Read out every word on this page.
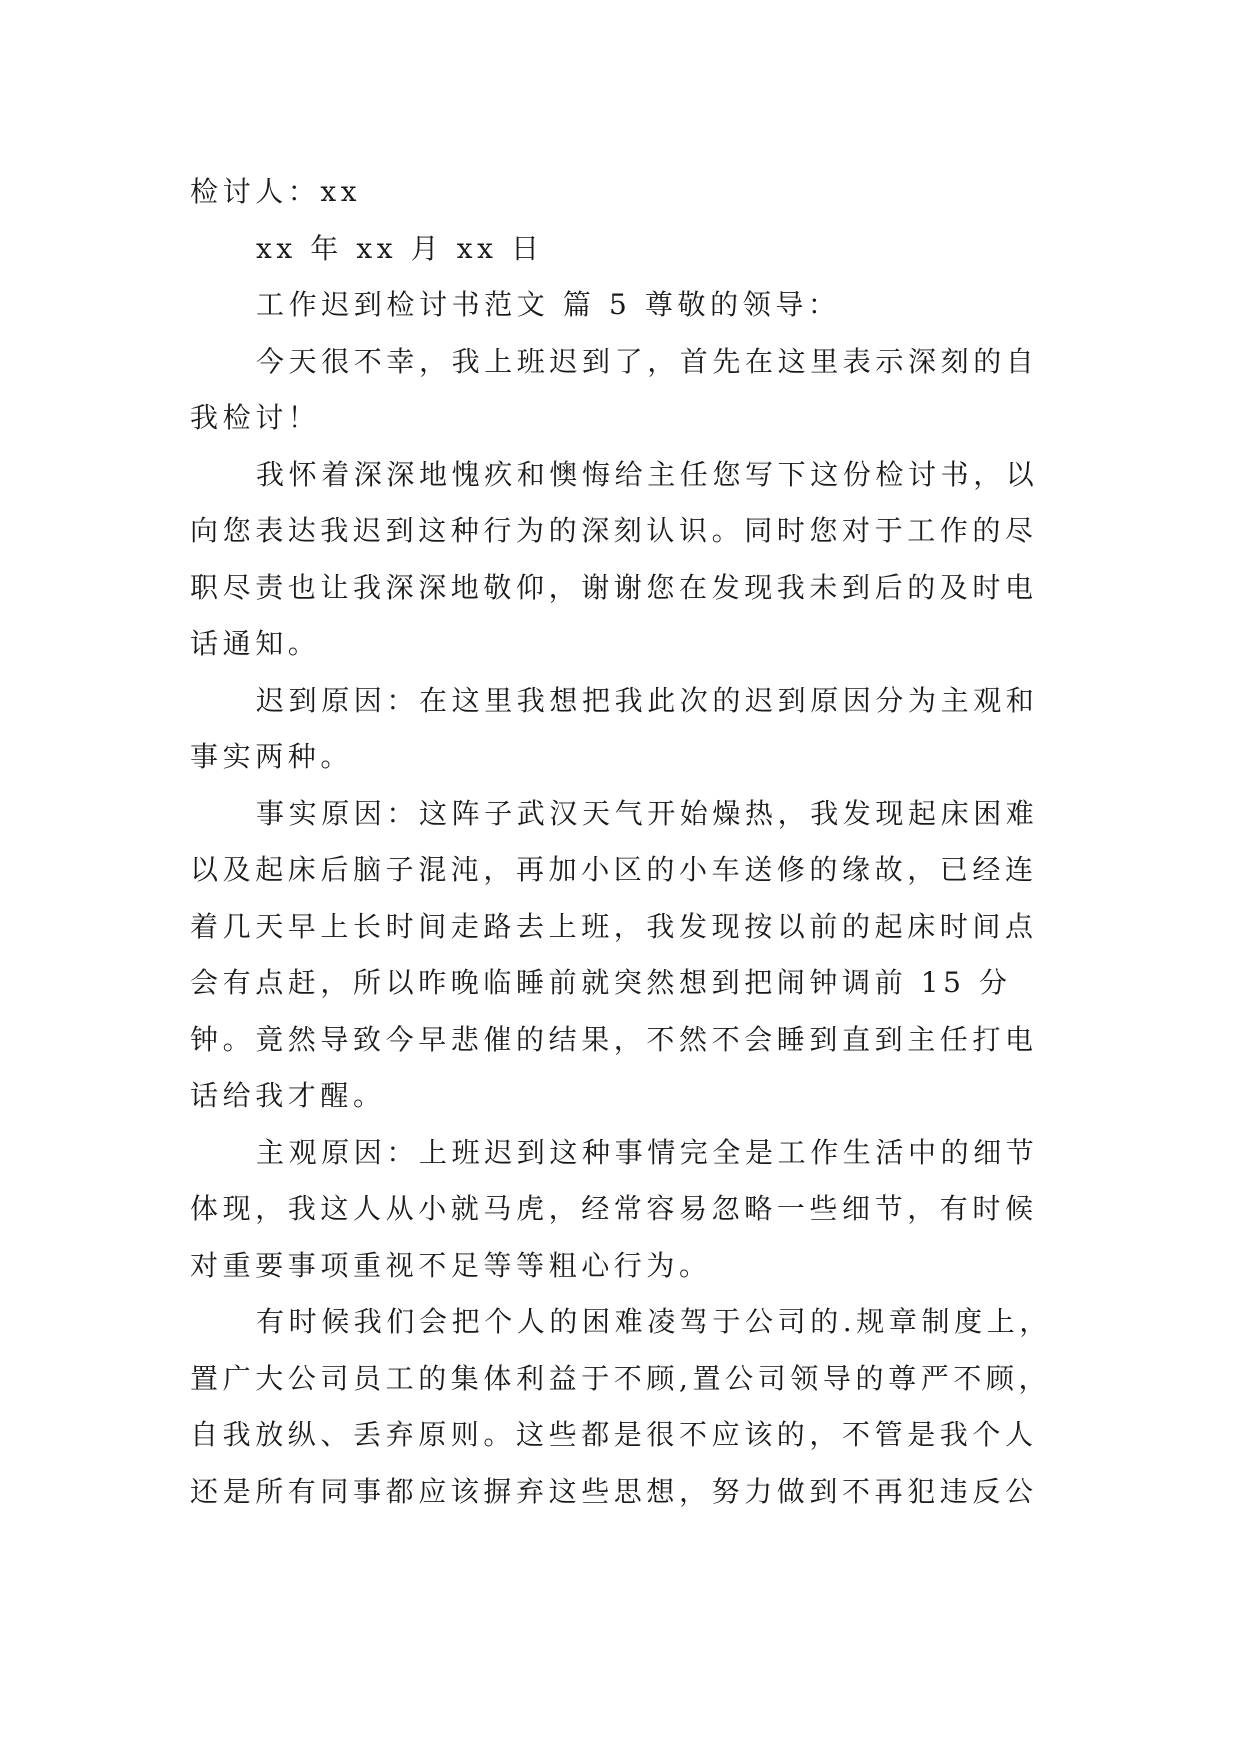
检讨人：xx

xx 年 xx 月 xx 日

工作迟到检讨书范文 篇 5 尊敬的领导：

今天很不幸，我上班迟到了，首先在这里表示深刻的自我检讨！

我怀着深深地愧疚和懊悔给主任您写下这份检讨书，以向您表达我迟到这种行为的深刻认识。同时您对于工作的尽职尽责也让我深深地敬仰，谢谢您在发现我未到后的及时电话通知。

迟到原因：在这里我想把我此次的迟到原因分为主观和事实两种。

事实原因：这阵子武汉天气开始燥热，我发现起床困难以及起床后脑子混沌，再加小区的小车送修的缘故，已经连着几天早上长时间走路去上班，我发现按以前的起床时间点会有点赶，所以昨晚临睡前就突然想到把闹钟调前 15 分钟。竟然导致今早悲催的结果，不然不会睡到直到主任打电话给我才醒。

主观原因：上班迟到这种事情完全是工作生活中的细节体现，我这人从小就马虎，经常容易忽略一些细节，有时候对重要事项重视不足等等粗心行为。

有时候我们会把个人的困难凌驾于公司的.规章制度上，置广大公司员工的集体利益于不顾,置公司领导的尊严不顾，自我放纵、丢弃原则。这些都是很不应该的，不管是我个人还是所有同事都应该摒弃这些思想，努力做到不再犯违反公
